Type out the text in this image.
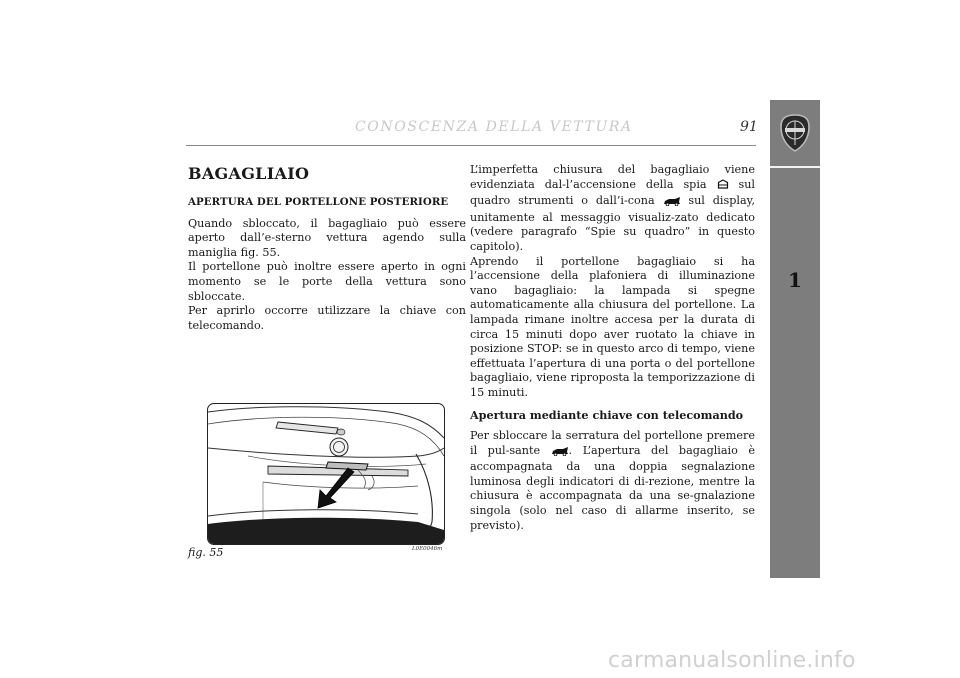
CONOSCENZA DELLA VETTURA	91
1
BAGAGLIAIO

APERTURA DEL PORTELLONE POSTERIORE

Quando sbloccato, il bagagliaio può essere aperto dall’e-sterno vettura agendo sulla maniglia fig. 55.

Il portellone può inoltre essere aperto in ogni momento se le porte della vettura sono sbloccate.

Per aprirlo occorre utilizzare la chiave con telecomando.

L’imperfetta chiusura del bagagliaio viene evidenziata dal-l’accensione della spia	sul quadro strumenti o dall’i-cona	sul display, unitamente al messaggio visualiz-zato dedicato (vedere paragrafo “Spie su quadro” in questo capitolo).

Aprendo il portellone bagagliaio si ha l’accensione della plafoniera di illuminazione vano bagagliaio: la lampada si spegne automaticamente alla chiusura del portellone. La lampada rimane inoltre accesa per la durata di circa 15 minuti dopo aver ruotato la chiave in posizione STOP: se in questo arco di tempo, viene effettuata l’apertura di una porta o del portellone bagagliaio, viene riproposta la temporizzazione di 15 minuti.

Apertura mediante chiave con telecomando

Per sbloccare la serratura del portellone premere il pul-sante	. L’apertura del bagagliaio è accompagnata da una doppia segnalazione luminosa degli indicatori di di-rezione, mentre la chiusura è accompagnata da una se-gnalazione singola (solo nel caso di allarme inserito, se previsto).

fig. 55	L0E0046m
carmanualsonline.info
